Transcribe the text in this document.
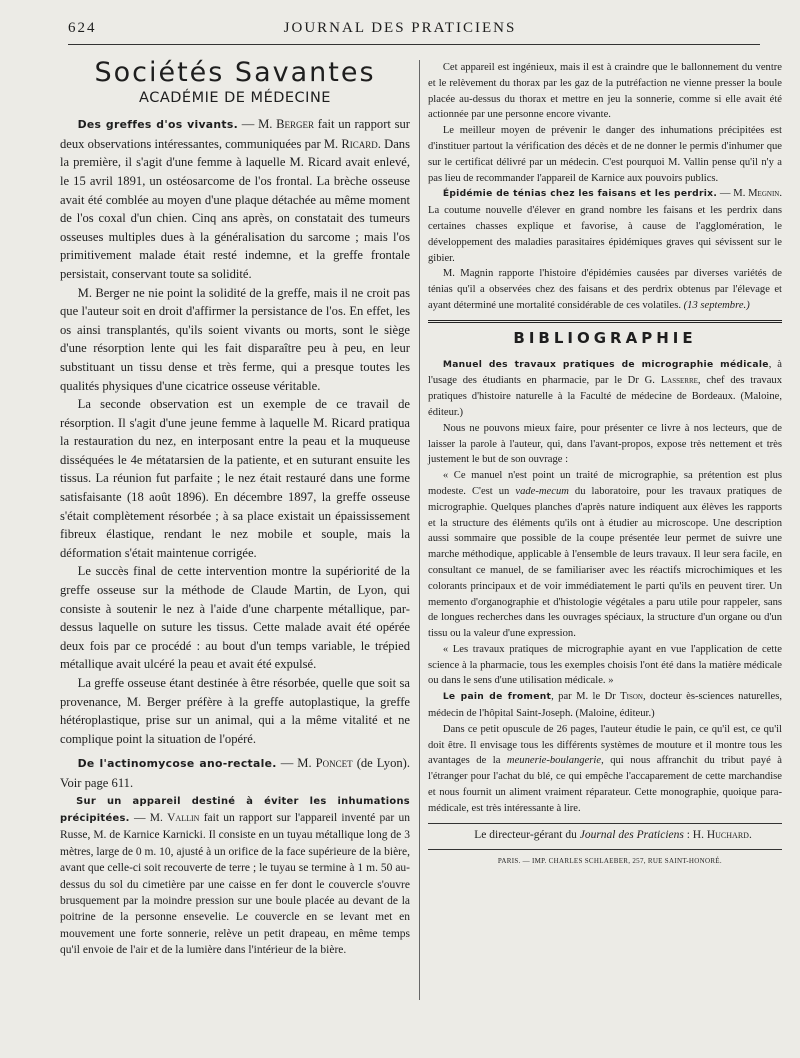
624	JOURNAL DES PRATICIENS
Sociétés Savantes
ACADÉMIE DE MÉDECINE

Des greffes d'os vivants. — M. Berger fait un rapport sur deux observations intéressantes, communiquées par M. Ricard. Dans la première, il s'agit d'une femme à laquelle M. Ricard avait enlevé, le 15 avril 1891, un ostéosarcome de l'os frontal. La brèche osseuse avait été comblée au moyen d'une plaque détachée au même moment de l'os coxal d'un chien. Cinq ans après, on constatait des tumeurs osseuses multiples dues à la généralisation du sarcome ; mais l'os primitivement malade était resté indemne, et la greffe frontale persistait, conservant toute sa solidité.

M. Berger ne nie point la solidité de la greffe, mais il ne croit pas que l'auteur soit en droit d'affirmer la persistance de l'os. En effet, les os ainsi transplantés, qu'ils soient vivants ou morts, sont le siège d'une résorption lente qui les fait disparaître peu à peu, en leur substituant un tissu dense et très ferme, qui a presque toutes les qualités physiques d'une cicatrice osseuse véritable.

La seconde observation est un exemple de ce travail de résorption. Il s'agit d'une jeune femme à laquelle M. Ricard pratiqua la restauration du nez, en interposant entre la peau et la muqueuse disséquées le 4e métatarsien de la patiente, et en suturant ensuite les tissus. La réunion fut parfaite ; le nez était restauré dans une forme satisfaisante (18 août 1896). En décembre 1897, la greffe osseuse s'était complètement résorbée ; à sa place existait un épaississement fibreux élastique, rendant le nez mobile et souple, mais la déformation s'était maintenue corrigée.

Le succès final de cette intervention montre la supériorité de la greffe osseuse sur la méthode de Claude Martin, de Lyon, qui consiste à soutenir le nez à l'aide d'une charpente métallique, par-dessus laquelle on suture les tissus. Cette malade avait été opérée deux fois par ce procédé : au bout d'un temps variable, le trépied métallique avait ulcéré la peau et avait été expulsé.

La greffe osseuse étant destinée à être résorbée, quelle que soit sa provenance, M. Berger préfère à la greffe autoplastique, la greffe hétéroplastique, prise sur un animal, qui a la même vitalité et ne complique point la situation de l'opéré.

De l'actinomycose ano-rectale. — M. Poncet (de Lyon). Voir page 611.

Sur un appareil destiné à éviter les inhumations précipitées. — M. Vallin fait un rapport sur l'appareil inventé par un Russe, M. de Karnice Karnicki. Il consiste en un tuyau métallique long de 3 mètres, large de 0 m. 10, ajusté à un orifice de la face supérieure de la bière, avant que celle-ci soit recouverte de terre ; le tuyau se termine à 1 m. 50 au-dessus du sol du cimetière par une caisse en fer dont le couvercle s'ouvre brusquement par la moindre pression sur une boule placée au devant de la poitrine de la personne ensevelie. Le couvercle en se levant met en mouvement une forte sonnerie, relève un petit drapeau, en même temps qu'il envoie de l'air et de la lumière dans l'intérieur de la bière.

Cet appareil est ingénieux, mais il est à craindre que le ballonnement du ventre et le relèvement du thorax par les gaz de la putréfaction ne vienne presser la boule placée au-dessus du thorax et mettre en jeu la sonnerie, comme si elle avait été actionnée par une personne encore vivante.

Le meilleur moyen de prévenir le danger des inhumations précipitées est d'instituer partout la vérification des décès et de ne donner le permis d'inhumer que sur le certificat délivré par un médecin. C'est pourquoi M. Vallin pense qu'il n'y a pas lieu de recommander l'appareil de Karnice aux pouvoirs publics.

Épidémie de ténias chez les faisans et les perdrix. — M. Megnin. La coutume nouvelle d'élever en grand nombre les faisans et les perdrix dans certaines chasses explique et favorise, à cause de l'agglomération, le développement des maladies parasitaires épidémiques graves qui sévissent sur le gibier.

M. Magnin rapporte l'histoire d'épidémies causées par diverses variétés de ténias qu'il a observées chez des faisans et des perdrix obtenus par l'élevage et ayant déterminé une mortalité considérable de ces volatiles. (13 septembre.)

BIBLIOGRAPHIE

Manuel des travaux pratiques de micrographie médicale, à l'usage des étudiants en pharmacie, par le Dr G. Lasserre, chef des travaux pratiques d'histoire naturelle à la Faculté de médecine de Bordeaux. (Maloine, éditeur.)

Nous ne pouvons mieux faire, pour présenter ce livre à nos lecteurs, que de laisser la parole à l'auteur, qui, dans l'avant-propos, expose très nettement et très justement le but de son ouvrage :

« Ce manuel n'est point un traité de micrographie, sa prétention est plus modeste. C'est un vade-mecum du laboratoire, pour les travaux pratiques de micrographie. Quelques planches d'après nature indiquent aux élèves les rapports et la structure des éléments qu'ils ont à étudier au microscope. Une description aussi sommaire que possible de la coupe présentée leur permet de suivre une marche méthodique, applicable à l'ensemble de leurs travaux. Il leur sera facile, en consultant ce manuel, de se familiariser avec les réactifs microchimiques et les colorants principaux et de voir immédiatement le parti qu'ils en peuvent tirer. Un memento d'organographie et d'histologie végétales a paru utile pour rappeler, sans de longues recherches dans les ouvrages spéciaux, la structure d'un organe ou d'un tissu ou la valeur d'une expression.

« Les travaux pratiques de micrographie ayant en vue l'application de cette science à la pharmacie, tous les exemples choisis l'ont été dans la matière médicale ou dans le sens d'une utilisation médicale. »

Le pain de froment, par M. le Dr Tison, docteur ès-sciences naturelles, médecin de l'hôpital Saint-Joseph. (Maloine, éditeur.)

Dans ce petit opuscule de 26 pages, l'auteur étudie le pain, ce qu'il est, ce qu'il doit être. Il envisage tous les différents systèmes de mouture et il montre tous les avantages de la meunerie-boulangerie, qui nous affranchit du tribut payé à l'étranger pour l'achat du blé, ce qui empêche l'accaparement de cette marchandise et nous fournit un aliment vraiment réparateur. Cette monographie, quoique para-médicale, est très intéressante à lire.

Le directeur-gérant du Journal des Praticiens : H. Huchard.

PARIS. — IMP. CHARLES SCHLAEBER, 257, RUE SAINT-HONORÉ.
